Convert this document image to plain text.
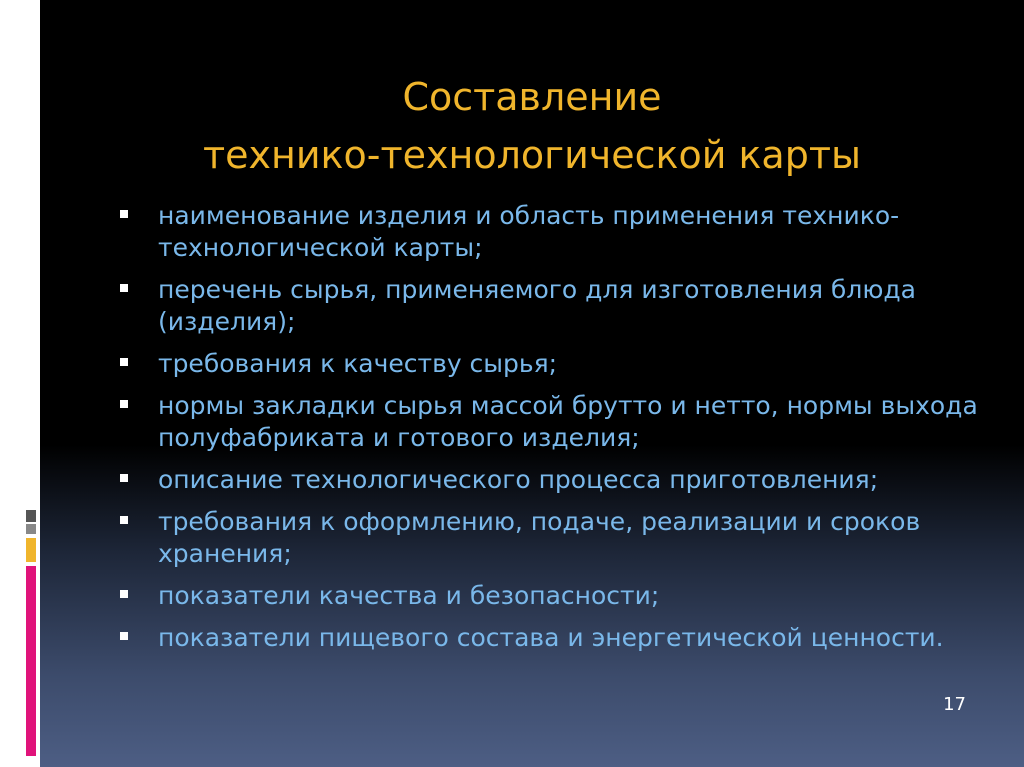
Составление
технико-технологической карты
наименование изделия и область применения технико-технологической карты;
перечень сырья, применяемого для изготовления блюда (изделия);
требования к качеству сырья;
нормы закладки сырья массой брутто и нетто, нормы выхода полуфабриката и готового изделия;
описание технологического процесса приготовления;
требования к оформлению, подаче, реализации и сроков хранения;
показатели качества и безопасности;
показатели пищевого состава и энергетической ценности.
17
